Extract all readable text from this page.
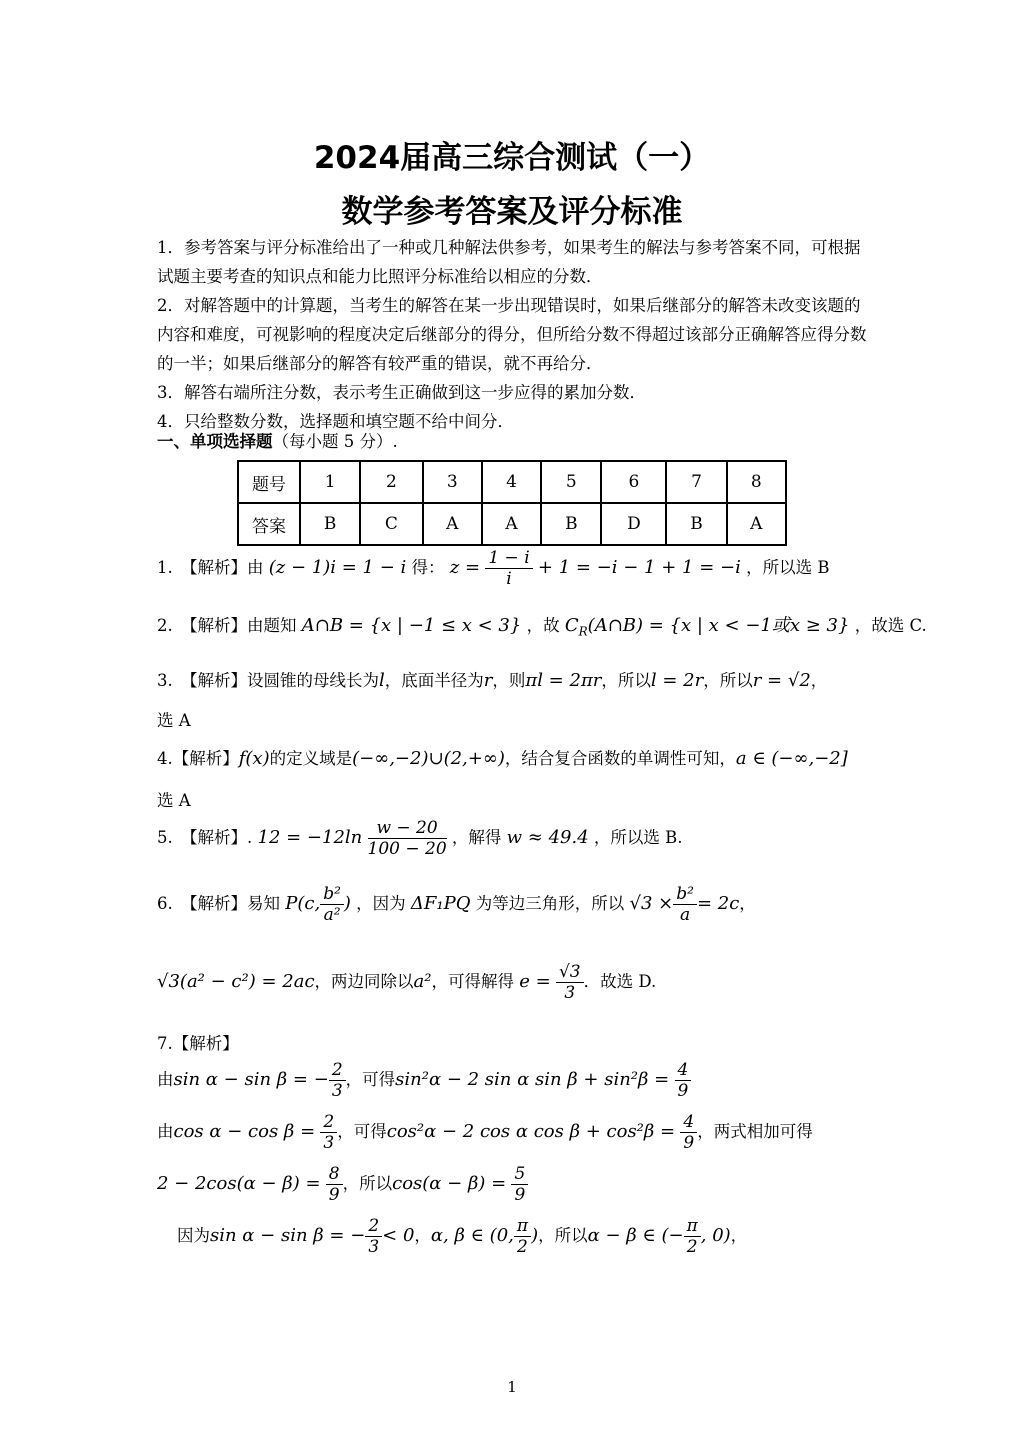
2024届高三综合测试（一）
数学参考答案及评分标准

1．参考答案与评分标准给出了一种或几种解法供参考，如果考生的解法与参考答案不同，可根据试题主要考查的知识点和能力比照评分标准给以相应的分数．

2．对解答题中的计算题，当考生的解答在某一步出现错误时，如果后继部分的解答未改变该题的内容和难度，可视影响的程度决定后继部分的得分，但所给分数不得超过该部分正确解答应得分数的一半；如果后继部分的解答有较严重的错误，就不再给分．

3．解答右端所注分数，表示考生正确做到这一步应得的累加分数．

4．只给整数分数，选择题和填空题不给中间分．

一、单项选择题（每小题 5 分）.
题号	1	2	3	4	5	6	7	8
答案	B	C	A	A	B	D	B	A
1.　【解析】由 (z − 1)i = 1 − i 得： $z = \frac{1 - i}{i} + 1 = -i - 1 + 1 = -i$ ，所以选 B
2.　【解析】由题知 A∩B = {x | −1 ≤ x < 3} ，故 $C_R(A\cap B) = \{x$ | x < −1或x ≥ 3} ，故选 C.
3.　【解析】设圆锥的母线长为l，底面半径为r，则πl = 2πr，所以l = 2r，所以r = √2，
选 A
4.【解析】f(x)的定义域是(−∞,−2)∪(2,+∞)，结合复合函数的单调性可知，a ∈ (−∞,−2]
选 A
5.　【解析】. $12 = -12\ln \frac{w - 20}{100 - 20}$ ，解得 w ≈ 49.4 ，所以选 B.
6.　【解析】易知 P(c, $\frac{\text{b²}}{\text{a²}}$ ) ，因为 ΔF₁PQ 为等边三角形，所以 $√3 \times \frac{\text{b²}}{a} = 2c$，
√3(a² − c²) = 2ac，两边同除以a²，可得解得 $e = \frac{√3}{3}$ ．故选 D.
7.【解析】
由sin α − sin β = − $\frac{2}{3}$ ，可得sin²α − 2 sin α $\sin \beta + \sin^2\beta = \frac{4}{9}$
由$\cos \alpha - \cos \beta = \frac{2}{3}$ ，可得cos²α − 2 cos α $\cos \beta + \cos^2\beta = \frac{4}{9}$ ，两式相加可得
$2 - 2\cos(\alpha - \beta) = \frac{8}{9}$ ，所以$\cos(\alpha - \beta) = \frac{5}{9}$
因为sin α − sin β = − $\frac{2}{3} < 0$，α, β ∈ (0, $\frac{\pi}{2}$ )，所以α − β ∈ (− $\frac{\pi}{2}$ , 0)，
1
